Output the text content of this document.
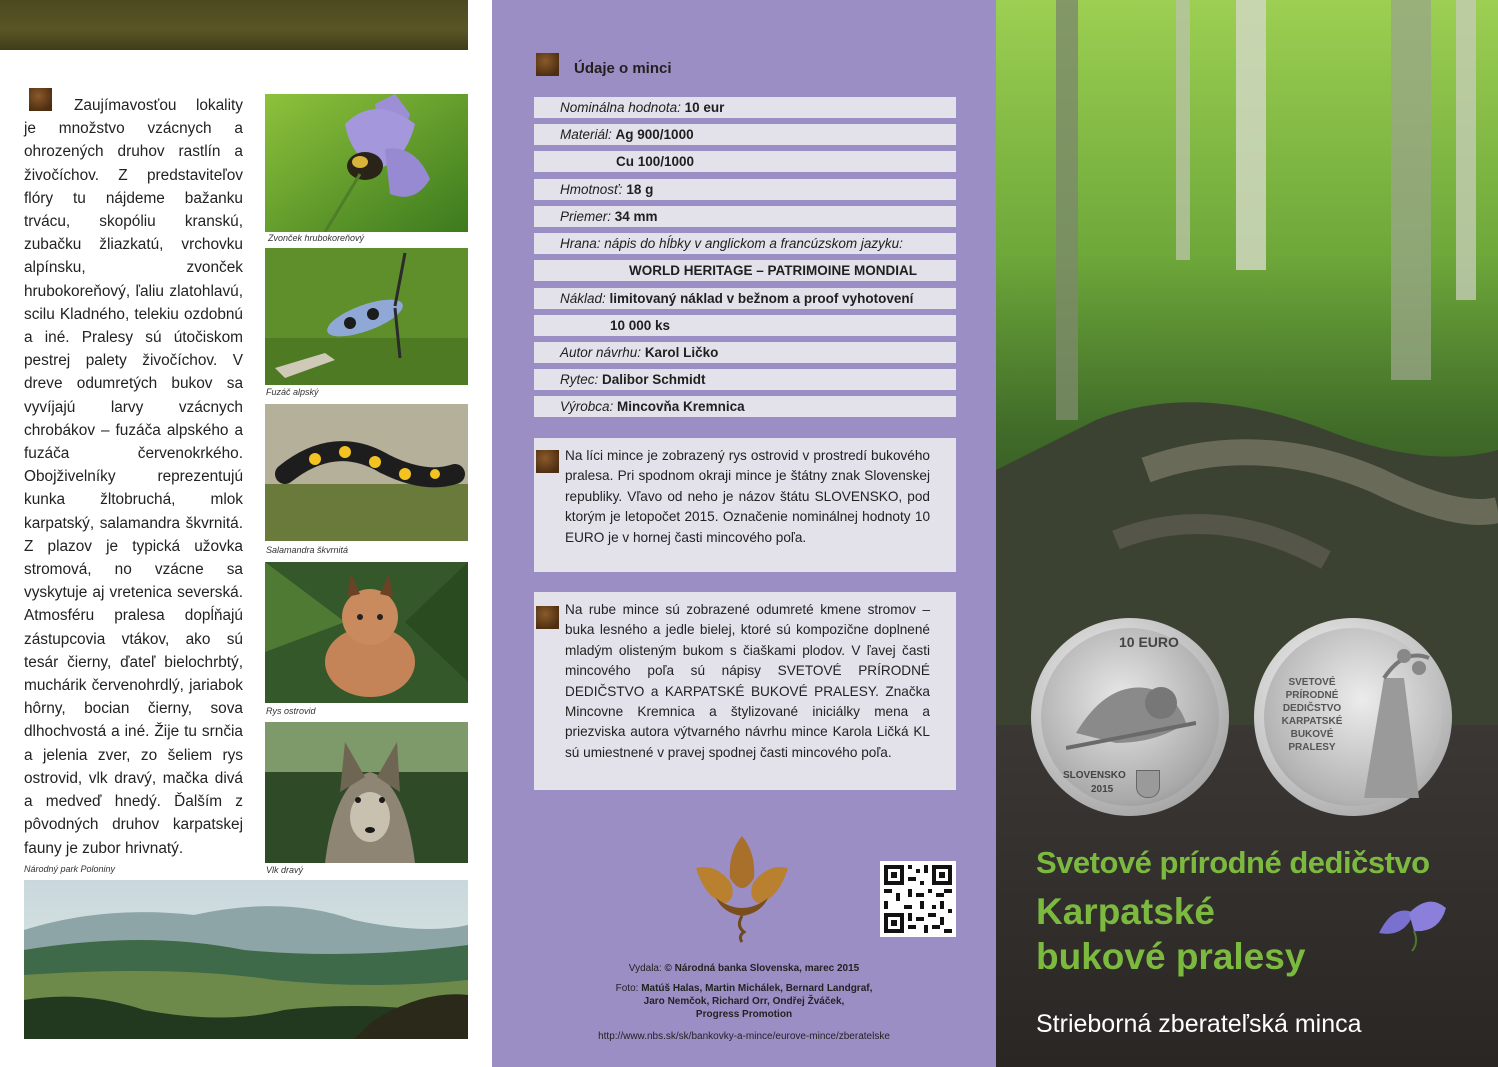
Zaujímavosťou lokality je množstvo vzácnych a ohrozených druhov rastlín a živočíchov. Z predstaviteľov flóry tu nájdeme bažanku trvácu, skopóliu kranskú, zubačku žliazkatú, vrchovku alpínsku, zvonček hrubokoreňový, ľaliu zlatohlavú, scilu Kladného, telekiu ozdobnú a iné. Pralesy sú útočiskom pestrej palety živočíchov. V dreve odumretých bukov sa vyvíjajú larvy vzácnych chrobákov – fuzáča alpského a fuzáča červenokrkého. Obojživelníky reprezentujú kunka žltobruchá, mlok karpatský, salamandra škvrnitá. Z plazov je typická užovka stromová, no vzácne sa vyskytuje aj vretenica severská. Atmosféru pralesa dopĺňajú zástupcovia vtákov, ako sú tesár čierny, ďateľ bielochrbtý, muchárik červenohrdlý, jariabok hôrny, bocian čierny, sova dlhochvostá a iné. Žije tu srnčia a jelenia zver, zo šeliem rys ostrovid, vlk dravý, mačka divá a medveď hnedý. Ďalším z pôvodných druhov karpatskej fauny je zubor hrivnatý.
Zvonček hrubokoreňový
Fuzáč alpský
Salamandra škvrnitá
Rys ostrovid
Vlk dravý
Národný park Poloniny
Údaje o minci
Nominálna hodnota: 10 eur
Materiál: Ag 900/1000
Cu 100/1000
Hmotnosť: 18 g
Priemer: 34 mm
Hrana: nápis do hĺbky v anglickom a francúzskom jazyku:
WORLD HERITAGE – PATRIMOINE MONDIAL
Náklad: limitovaný náklad v bežnom a proof vyhotovení
10 000 ks
Autor návrhu: Karol Ličko
Rytec: Dalibor Schmidt
Výrobca: Mincovňa Kremnica
Na líci mince je zobrazený rys ostrovid v prostredí bukového pralesa. Pri spodnom okraji mince je štátny znak Slovenskej republiky. Vľavo od neho je názov štátu SLOVENSKO, pod ktorým je letopočet 2015. Označenie nominálnej hodnoty 10 EURO je v hornej časti mincového poľa.
Na rube mince sú zobrazené odumreté kmene stromov – buka lesného a jedle bielej, ktoré sú kompozične doplnené mladým olisteným bukom s čiaškami plodov. V ľavej časti mincového poľa sú nápisy SVETOVÉ PRÍRODNÉ DEDIČSTVO a KARPATSKÉ BUKOVÉ PRALESY. Značka Mincovne Kremnica a štylizované iniciálky mena a priezviska autora výtvarného návrhu mince Karola Ličká KL sú umiestnené v pravej spodnej časti mincového poľa.
Vydala: © Národná banka Slovenska, marec 2015
Foto: Matúš Halas, Martin Michálek, Bernard Landgraf,
Jaro Nemčok, Richard Orr, Ondřej Žváček,
Progress Promotion
http://www.nbs.sk/sk/bankovky-a-mince/eurove-mince/zberatelske
10 EURO
SLOVENSKO
2015
SVETOVÉ
PRÍRODNÉ
DEDIČSTVO
KARPATSKÉ
BUKOVÉ
PRALESY
Svetové prírodné dedičstvo
Karpatské
bukové pralesy
Strieborná zberateľská minca
